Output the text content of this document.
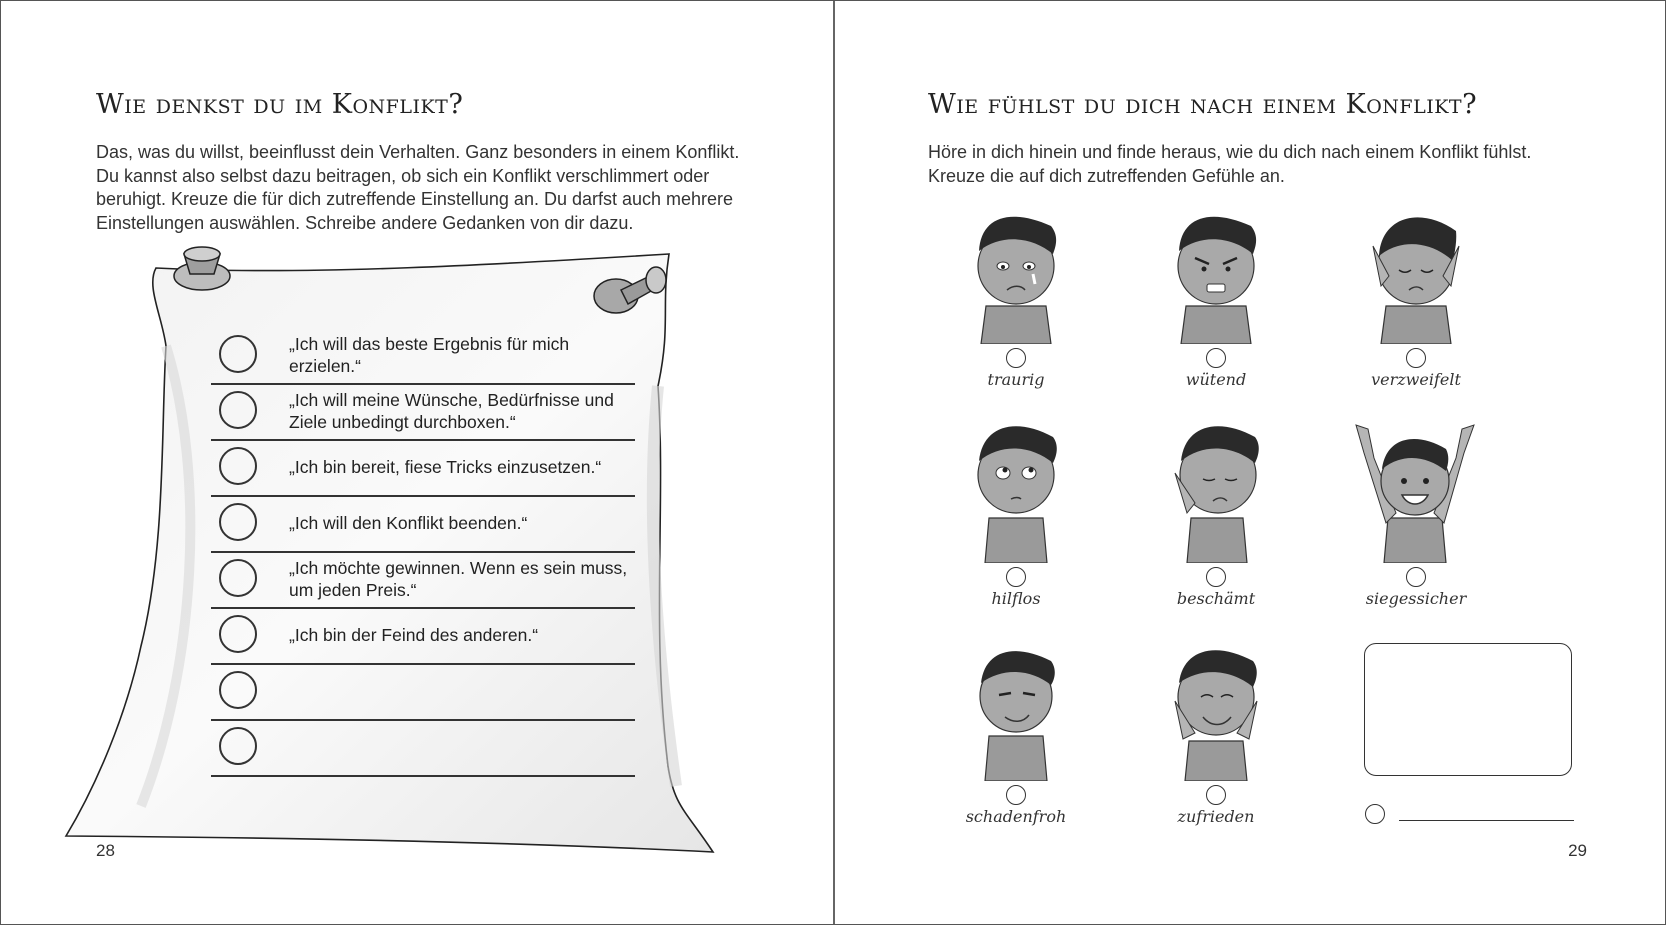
Wie denkst du im Konflikt?

Das, was du willst, beeinflusst dein Verhalten. Ganz besonders in einem Konflikt. Du kannst also selbst dazu beitragen, ob sich ein Konflikt verschlimmert oder beruhigt. Kreuze die für dich zutreffende Einstellung an. Du darfst auch mehrere Einstellungen auswählen. Schreibe andere Gedanken von dir dazu.

„Ich will das beste Ergebnis für mich erzielen.“
„Ich will meine Wünsche, Bedürfnisse und Ziele unbedingt durchboxen.“
„Ich bin bereit, fiese Tricks einzusetzen.“
„Ich will den Konflikt beenden.“
„Ich möchte gewinnen. Wenn es sein muss, um jeden Preis.“
„Ich bin der Feind des anderen.“
28
Wie fühlst du dich nach einem Konflikt?

Höre in dich hinein und finde heraus, wie du dich nach einem Konflikt fühlst. Kreuze die auf dich zutreffenden Gefühle an.

traurig	wütend	verzweifelt
hilflos	beschämt	siegessicher
schadenfroh	zufrieden
29
